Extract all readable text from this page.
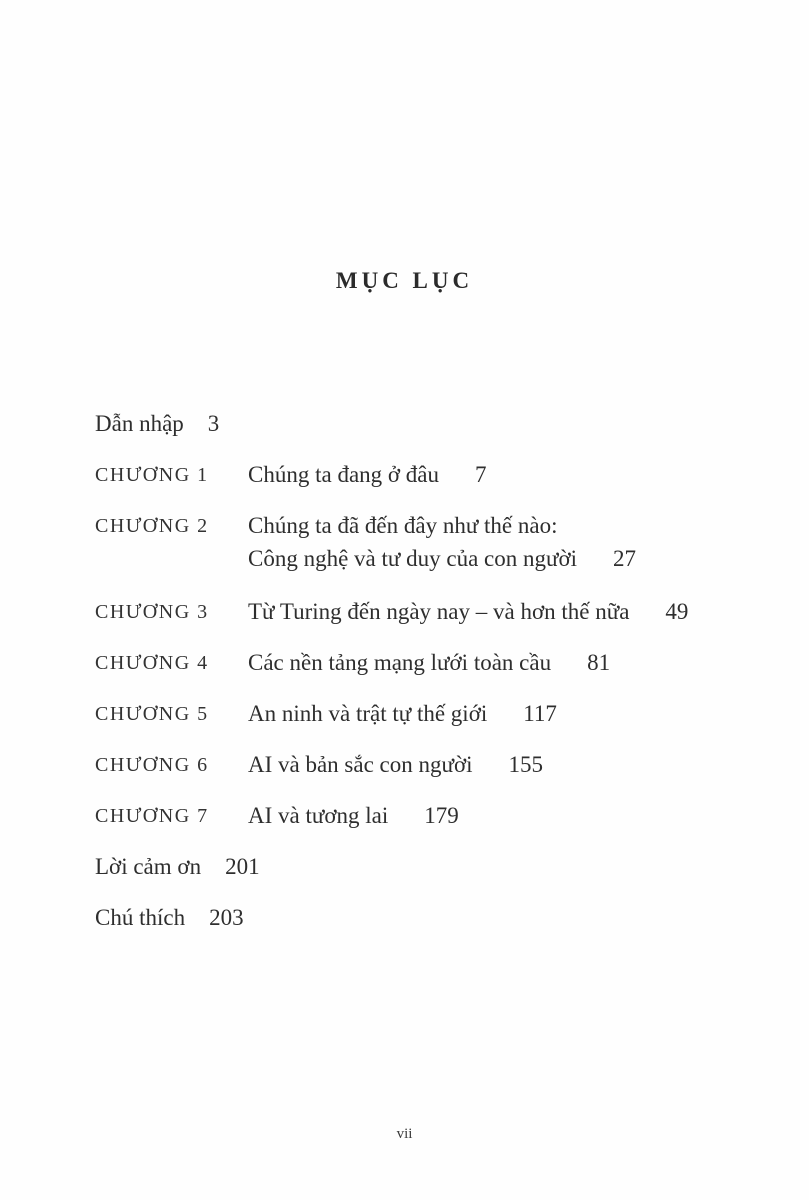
MỤC LỤC
Dẫn nhập 3
CHƯƠNG 1	Chúng ta đang ở đâu 7
CHƯƠNG 2	Chúng ta đã đến đây như thế nào:
Công nghệ và tư duy của con người 27
CHƯƠNG 3	Từ Turing đến ngày nay – và hơn thế nữa 49
CHƯƠNG 4	Các nền tảng mạng lưới toàn cầu 81
CHƯƠNG 5	An ninh và trật tự thế giới 117
CHƯƠNG 6	AI và bản sắc con người 155
CHƯƠNG 7	AI và tương lai 179
Lời cảm ơn 201
Chú thích 203
vii
